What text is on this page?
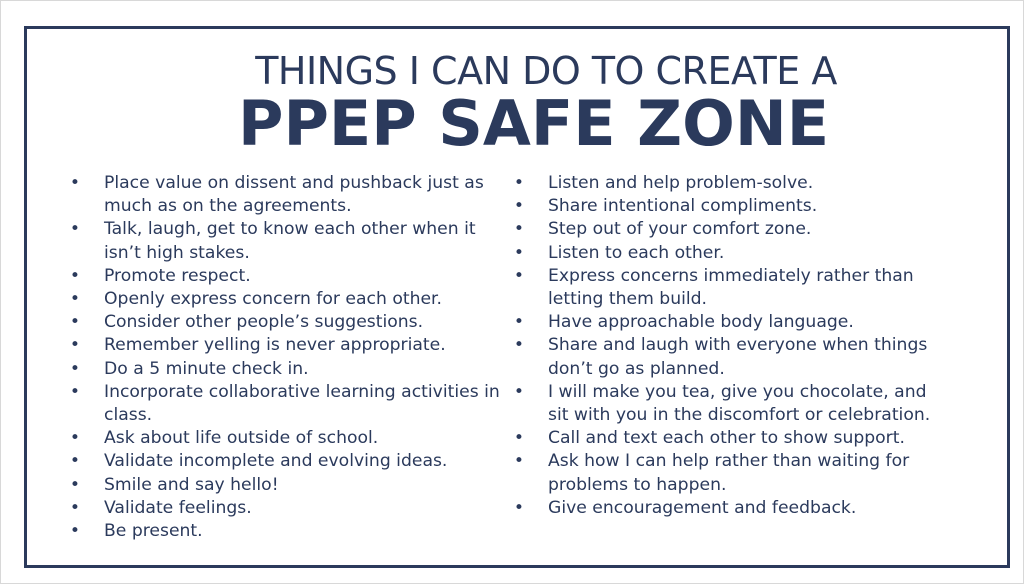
THINGS I CAN DO TO CREATE A
PPEP SAFE ZONE
• Place value on dissent and pushback just as much as on the agreements.
• Talk, laugh, get to know each other when it isn’t high stakes.
• Promote respect.
• Openly express concern for each other.
• Consider other people’s suggestions.
• Remember yelling is never appropriate.
• Do a 5 minute check in.
• Incorporate collaborative learning activities in class.
• Ask about life outside of school.
• Validate incomplete and evolving ideas.
• Smile and say hello!
• Validate feelings.
• Be present.
• Listen and help problem-solve.
• Share intentional compliments.
• Step out of your comfort zone.
• Listen to each other.
• Express concerns immediately rather than letting them build.
• Have approachable body language.
• Share and laugh with everyone when things don’t go as planned.
• I will make you tea, give you chocolate, and sit with you in the discomfort or celebration.
• Call and text each other to show support.
• Ask how I can help rather than waiting for problems to happen.
• Give encouragement and feedback.
